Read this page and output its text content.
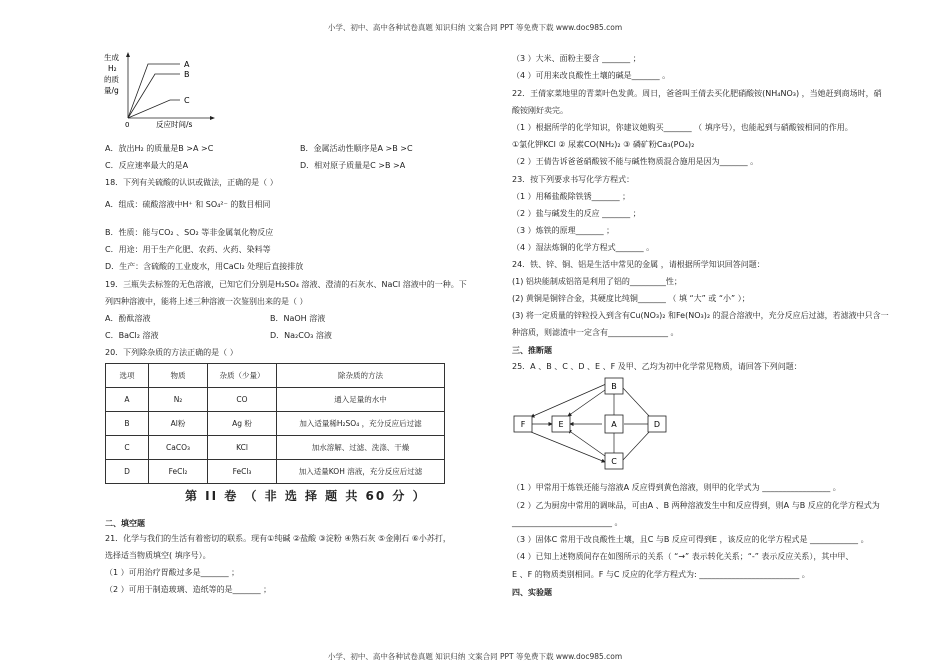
小学、初中、高中各种试卷真题 知识归纳 文案合同 PPT 等免费下载 www.doc985.com
A
B
C
生成
H₂
的质
量/g
0	反应时间/s
A．放出H₂ 的质量是B >A >C	B．金属活动性顺序是A >B >C
C．反应速率最大的是A	D．相对原子质量是C >B >A
18．下列有关硫酸的认识或做法，正确的是（ ）
A．组成：硫酸溶液中H⁺ 和 SO₄²⁻ 的数目相同
B．性质：能与CO₂ 、SO₂ 等非金属氧化物反应
C．用途：用于生产化肥、农药、火药、染料等
D．生产：含硫酸的工业废水，用CaCl₂ 处理后直接排放
19．三瓶失去标签的无色溶液，已知它们分别是H₂SO₄ 溶液、澄清的石灰水、NaCl 溶液中的一种。下
列四种溶液中，能将上述三种溶液一次鉴别出来的是（ ）
A．酚酞溶液	B．NaOH 溶液
C．BaCl₂ 溶液	D．Na₂CO₃ 溶液
20．下列除杂质的方法正确的是（ ）
选项	物质	杂质（少量）	除杂质的方法
A	N₂	CO	通入足量的水中
B	Al粉	Ag 粉	加入适量稀H₂SO₄ ，充分反应后过滤
C	CaCO₃	KCl	加水溶解、过滤、洗涤、干燥
D	FeCl₂	FeCl₃	加入适量KOH 溶液，充分反应后过滤
第 II 卷 （ 非 选 择 题 共 60 分 ）
二、填空题
21．化学与我们的生活有着密切的联系。现有①纯碱 ②盐酸 ③淀粉 ④熟石灰 ⑤金刚石 ⑥小苏打，
选择适当物质填空( 填序号）。
（1 ）可用治疗胃酸过多是_______ ；
（2 ）可用于制造玻璃、造纸等的是_______ ；
（3 ）大米、面粉主要含 _______ ；
（4 ）可用来改良酸性土壤的碱是_______ 。
22．王倩家菜地里的青菜叶色发黄。周日，爸爸叫王倩去买化肥硝酸铵(NH₄NO₃) ，当她赶到商场时，硝
酸铵刚好卖完。
（1 ）根据所学的化学知识，你建议她购买_______ （ 填序号），也能起到与硝酸铵相同的作用。
①氯化钾KCl ② 尿素CO(NH₂)₂ ③ 磷矿粉Ca₃(PO₄)₂
（2 ）王倩告诉爸爸硝酸铵不能与碱性物质混合施用是因为_______ 。
23．按下列要求书写化学方程式：
（1 ）用稀盐酸除铁锈_______ ；
（2 ）盐与碱发生的反应 _______ ；
（3 ）炼铁的原理_______ ；
（4 ）湿法炼铜的化学方程式_______ 。
24．铁、锌、铜、铝是生活中常见的金属 ，请根据所学知识回答问题：
(1) 铝块能制成铝箔是利用了铝的_________性；
(2) 黄铜是铜锌合金，其硬度比纯铜_______ （ 填 “大” 或 “小” ）；
(3) 将一定质量的锌粒投入到含有Cu(NO₃)₂ 和Fe(NO₃)₂ 的混合溶液中，充分反应后过滤，若滤液中只含一
种溶质，则滤渣中一定含有_______________ 。
三、推断题
25．A 、B 、C 、D 、E 、F 及甲、乙均为初中化学常见物质，请回答下列问题：
B
F	E	A	D
C
（1 ）甲常用于炼铁还能与溶液A 反应得到黄色溶液，则甲的化学式为 _________________ 。
（2 ）乙为厨房中常用的调味品，可由A 、B 两种溶液发生中和反应得到，则A 与B 反应的化学方程式为
_________________________ 。
（3 ）固体C 常用于改良酸性土壤，且C 与B 反应可得到E ，该反应的化学方程式是 ____________ 。
（4 ）已知上述物质间存在如图所示的关系（ “→” 表示转化关系；“-” 表示反应关系），其中甲、
E 、F 的物质类别相同。F 与C 反应的化学方程式为: _________________________ 。
四、实验题
小学、初中、高中各种试卷真题 知识归纳 文案合同 PPT 等免费下载 www.doc985.com
